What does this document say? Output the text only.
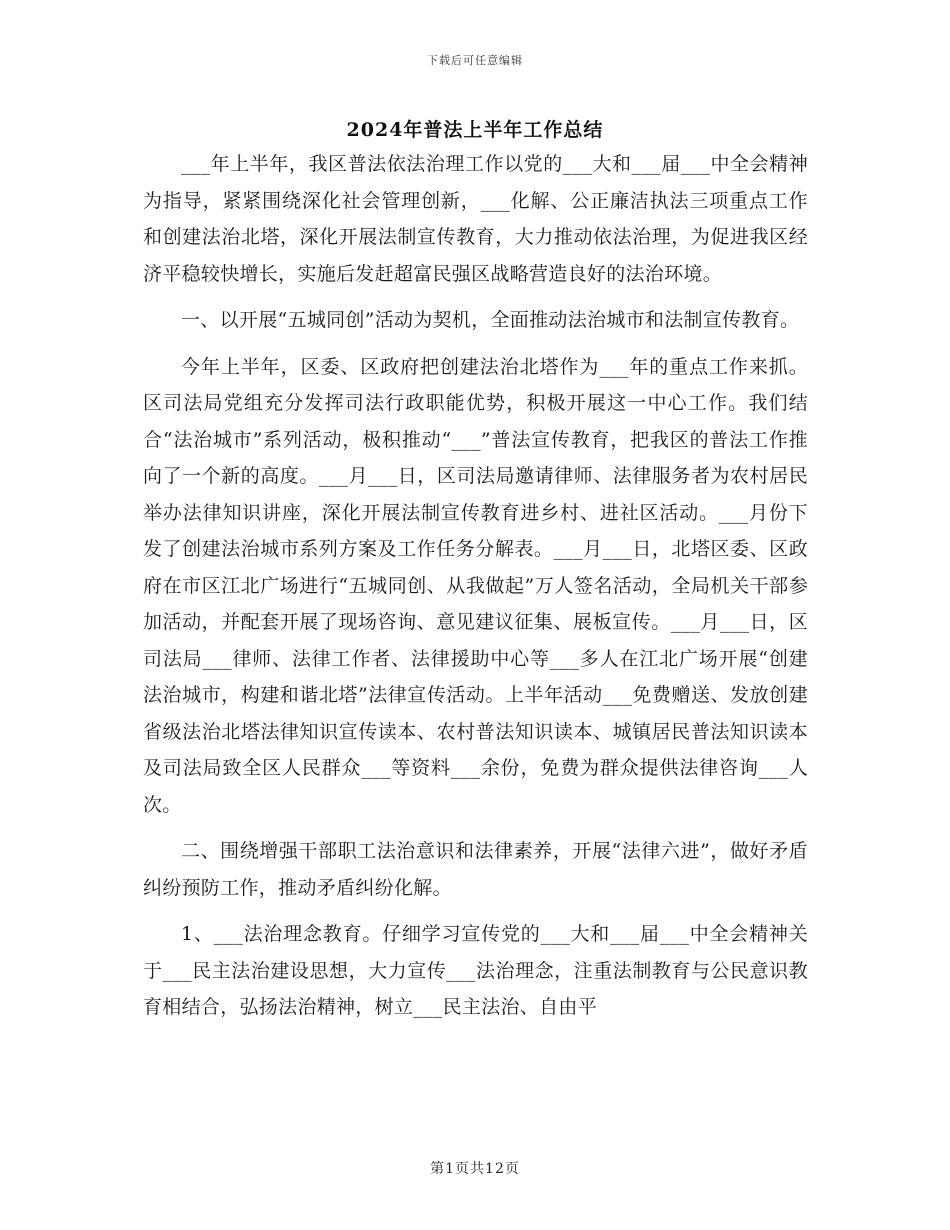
下载后可任意编辑
2024年普法上半年工作总结

___年上半年，我区普法依法治理工作以党的___大和___届___中全会精神为指导，紧紧围绕深化社会管理创新，___化解、公正廉洁执法三项重点工作和创建法治北塔，深化开展法制宣传教育，大力推动依法治理，为促进我区经济平稳较快增长，实施后发赶超富民强区战略营造良好的法治环境。

一、以开展“五城同创”活动为契机，全面推动法治城市和法制宣传教育。

今年上半年，区委、区政府把创建法治北塔作为___年的重点工作来抓。区司法局党组充分发挥司法行政职能优势，积极开展这一中心工作。我们结合“法治城市”系列活动，极积推动“___”普法宣传教育，把我区的普法工作推向了一个新的高度。___月___日，区司法局邀请律师、法律服务者为农村居民举办法律知识讲座，深化开展法制宣传教育进乡村、进社区活动。___月份下发了创建法治城市系列方案及工作任务分解表。___月___日，北塔区委、区政府在市区江北广场进行“五城同创、从我做起”万人签名活动，全局机关干部参加活动，并配套开展了现场咨询、意见建议征集、展板宣传。___月___日，区司法局___律师、法律工作者、法律援助中心等___多人在江北广场开展“创建法治城市，构建和谐北塔”法律宣传活动。上半年活动___免费赠送、发放创建省级法治北塔法律知识宣传读本、农村普法知识读本、城镇居民普法知识读本及司法局致全区人民群众___等资料___余份，免费为群众提供法律咨询___人次。

二、围绕增强干部职工法治意识和法律素养，开展“法律六进”，做好矛盾纠纷预防工作，推动矛盾纠纷化解。

1、___法治理念教育。仔细学习宣传党的___大和___届___中全会精神关于___民主法治建设思想，大力宣传___法治理念，注重法制教育与公民意识教育相结合，弘扬法治精神，树立___民主法治、自由平

第1页共12页
